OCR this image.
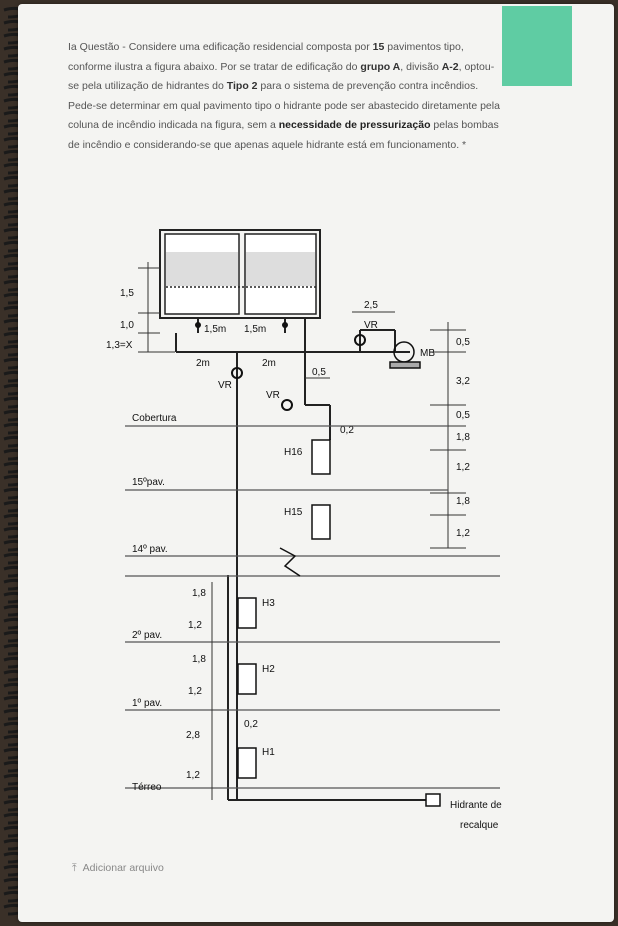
Ia Questão - Considere uma edificação residencial composta por 15 pavimentos tipo, conforme ilustra a figura abaixo. Por se tratar de edificação do grupo A, divisão A-2, optou-se pela utilização de hidrantes do Tipo 2 para o sistema de prevenção contra incêndios. Pede-se determinar em qual pavimento tipo o hidrante pode ser abastecido diretamente pela coluna de incêndio indicada na figura, sem a necessidade de pressurização pelas bombas de incêndio e considerando-se que apenas aquele hidrante está em funcionamento. *
1,5
1,0
1,3=X
1,5m 1,5m
2m	2m
VR
VR
VR
MB
2,5
0,5
0,2
0,2
0,5
3,2
0,5
1,8
1,2
1,8
1,2
Cobertura
15ºpav.
14º pav.
2º pav.
1º pav.
Térreo
H16
H15
H3
H2
H1
1,8
1,2
1,8
1,2
2,8
1,2
Hidrante de
recalque
⤒ Adicionar arquivo
